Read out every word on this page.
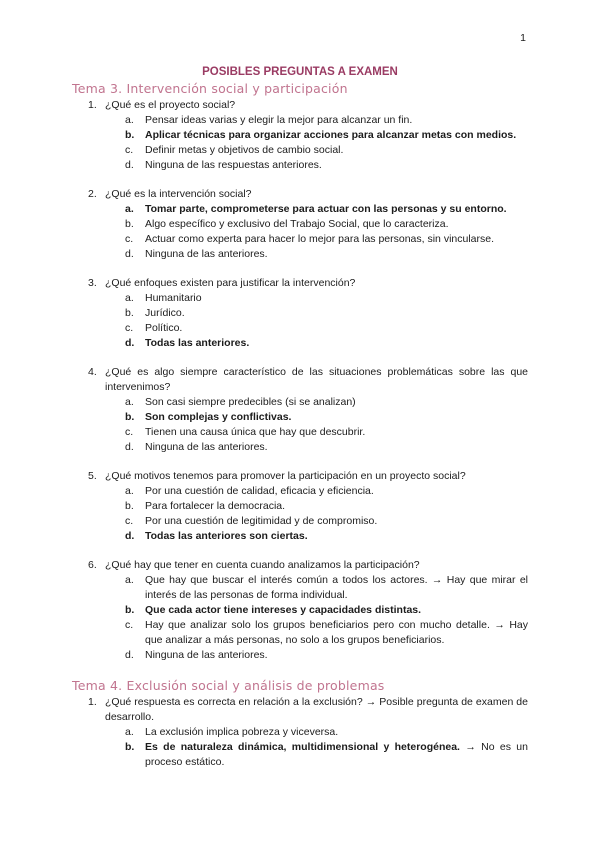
1
POSIBLES PREGUNTAS A EXAMEN
Tema 3. Intervención social y participación
1. ¿Qué es el proyecto social?
a.	Pensar ideas varias y elegir la mejor para alcanzar un fin.
b.	Aplicar técnicas para organizar acciones para alcanzar metas con medios.
c.	Definir metas y objetivos de cambio social.
d.	Ninguna de las respuestas anteriores.
2. ¿Qué es la intervención social?
a.	Tomar parte, comprometerse para actuar con las personas y su entorno.
b.	Algo específico y exclusivo del Trabajo Social, que lo caracteriza.
c.	Actuar como experta para hacer lo mejor para las personas, sin vincularse.
d.	Ninguna de las anteriores.
3. ¿Qué enfoques existen para justificar la intervención?
a.	Humanitario
b.	Jurídico.
c.	Político.
d.	Todas las anteriores.
4. ¿Qué es algo siempre característico de las situaciones problemáticas sobre las que intervenimos?
a.	Son casi siempre predecibles (si se analizan)
b.	Son complejas y conflictivas.
c.	Tienen una causa única que hay que descubrir.
d.	Ninguna de las anteriores.
5. ¿Qué motivos tenemos para promover la participación en un proyecto social?
a.	Por una cuestión de calidad, eficacia y eficiencia.
b.	Para fortalecer la democracia.
c.	Por una cuestión de legitimidad y de compromiso.
d.	Todas las anteriores son ciertas.
6. ¿Qué hay que tener en cuenta cuando analizamos la participación?
a.	Que hay que buscar el interés común a todos los actores. → Hay que mirar el interés de las personas de forma individual.
b.	Que cada actor tiene intereses y capacidades distintas.
c.	Hay que analizar solo los grupos beneficiarios pero con mucho detalle. → Hay que analizar a más personas, no solo a los grupos beneficiarios.
d.	Ninguna de las anteriores.
Tema 4. Exclusión social y análisis de problemas
1. ¿Qué respuesta es correcta en relación a la exclusión? → Posible pregunta de examen de desarrollo.
a.	La exclusión implica pobreza y viceversa.
b.	Es de naturaleza dinámica, multidimensional y heterogénea. → No es un proceso estático.
